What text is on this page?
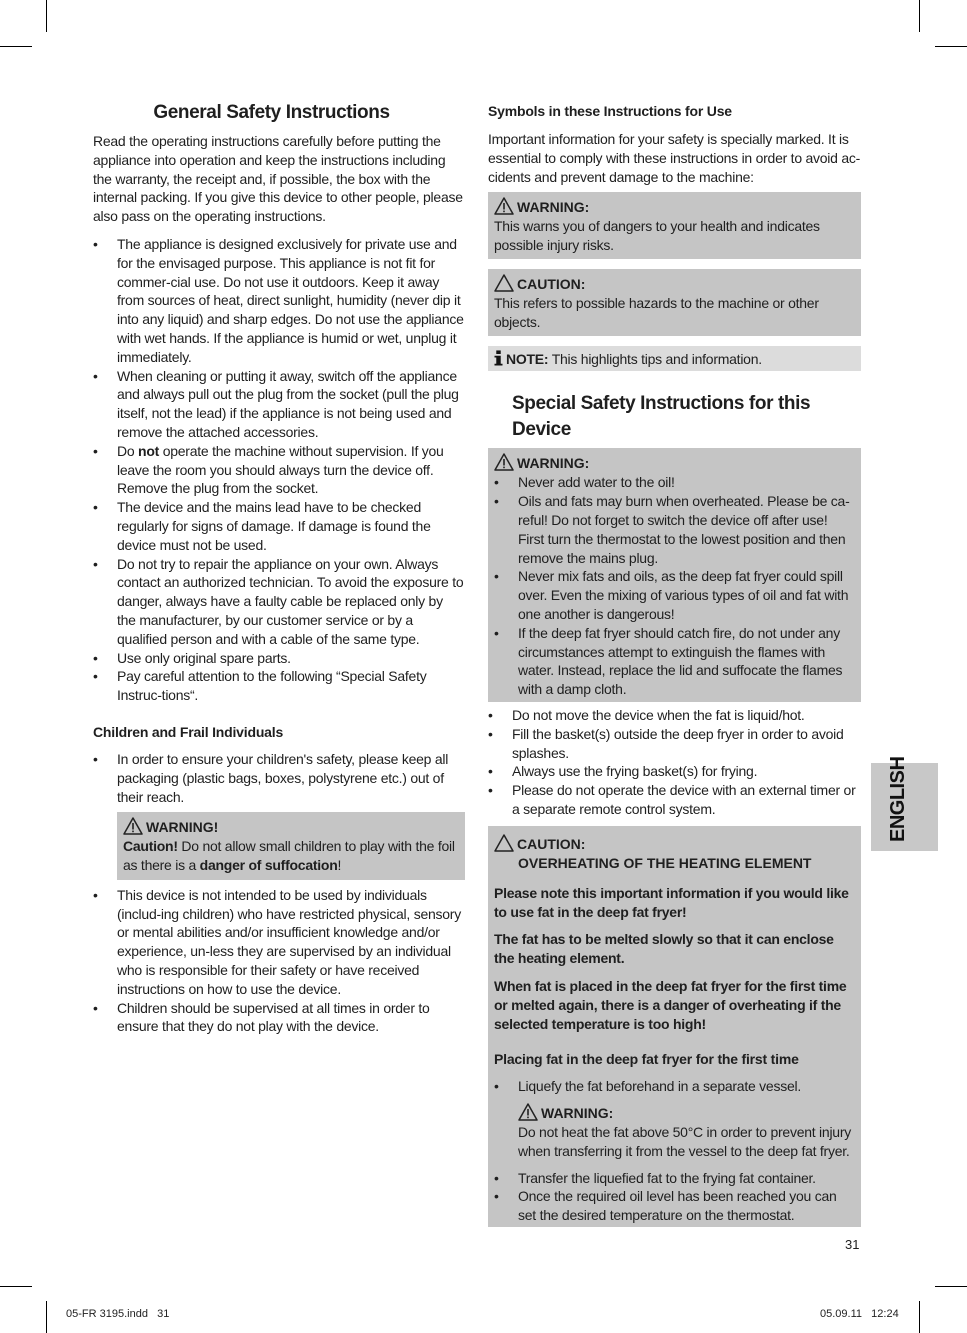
General Safety Instructions
Read the operating instructions carefully before putting the appliance into operation and keep the instructions including the warranty, the receipt and, if possible, the box with the internal packing. If you give this device to other people, please also pass on the operating instructions.
• The appliance is designed exclusively for private use and for the envisaged purpose. This appliance is not fit for commer-cial use. Do not use it outdoors. Keep it away from sources of heat, direct sunlight, humidity (never dip it into any liquid) and sharp edges. Do not use the appliance with wet hands. If the appliance is humid or wet, unplug it immediately.
• When cleaning or putting it away, switch off the appliance and always pull out the plug from the socket (pull the plug itself, not the lead) if the appliance is not being used and remove the attached accessories.
• Do not operate the machine without supervision. If you leave the room you should always turn the device off. Remove the plug from the socket.
• The device and the mains lead have to be checked regularly for signs of damage. If damage is found the device must not be used.
• Do not try to repair the appliance on your own. Always contact an authorized technician. To avoid the exposure to danger, always have a faulty cable be replaced only by the manufacturer, by our customer service or by a qualified person and with a cable of the same type.
• Use only original spare parts.
• Pay careful attention to the following “Special Safety Instruc-tions“.
Children and Frail Individuals
• In order to ensure your children's safety, please keep all packaging (plastic bags, boxes, polystyrene etc.) out of their reach.
WARNING!
Caution! Do not allow small children to play with the foil as there is a danger of suffocation!
• This device is not intended to be used by individuals (includ-ing children) who have restricted physical, sensory or mental abilities and/or insufficient knowledge and/or experience, un-less they are supervised by an individual who is responsible for their safety or have received instructions on how to use the device.
• Children should be supervised at all times in order to ensure that they do not play with the device.
Symbols in these Instructions for Use
Important information for your safety is specially marked. It is essential to comply with these instructions in order to avoid ac-cidents and prevent damage to the machine:
WARNING:
This warns you of dangers to your health and indicates possible injury risks.
CAUTION:
This refers to possible hazards to the machine or other objects.
NOTE: This highlights tips and information.
Special Safety Instructions for this Device
WARNING:
• Never add water to the oil!
• Oils and fats may burn when overheated. Please be ca-reful! Do not forget to switch the device off after use! First turn the thermostat to the lowest position and then remove the mains plug.
• Never mix fats and oils, as the deep fat fryer could spill over. Even the mixing of various types of oil and fat with one another is dangerous!
• If the deep fat fryer should catch fire, do not under any circumstances attempt to extinguish the flames with water. Instead, replace the lid and suffocate the flames with a damp cloth.
• Do not move the device when the fat is liquid/hot.
• Fill the basket(s) outside the deep fryer in order to avoid splashes.
• Always use the frying basket(s) for frying.
• Please do not operate the device with an external timer or a separate remote control system.
CAUTION:
OVERHEATING OF THE HEATING ELEMENT
Please note this important information if you would like to use fat in the deep fat fryer!
The fat has to be melted slowly so that it can enclose the heating element.
When fat is placed in the deep fat fryer for the first time or melted again, there is a danger of overheating if the selected temperature is too high!
Placing fat in the deep fat fryer for the first time
• Liquefy the fat beforehand in a separate vessel.
WARNING:
Do not heat the fat above 50°C in order to prevent injury when transferring it from the vessel to the deep fat fryer.
• Transfer the liquefied fat to the frying fat container.
• Once the required oil level has been reached you can set the desired temperature on the thermostat.
ENGLISH
31
05-FR 3195.indd   31	05.09.11   12:24
